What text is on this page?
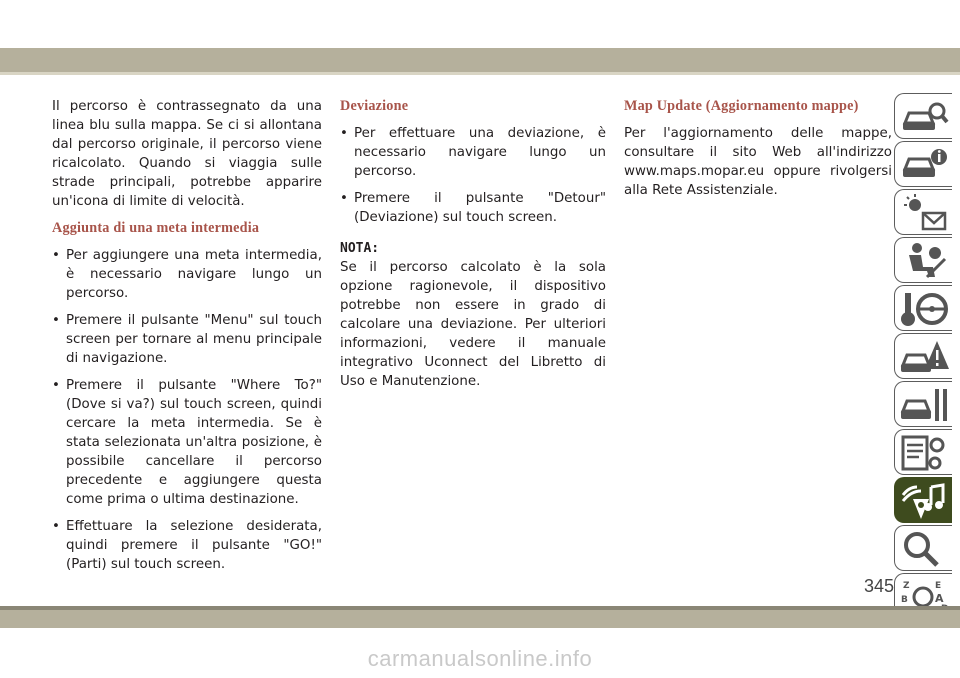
Il percorso è contrassegnato da una linea blu sulla mappa. Se ci si allontana dal percorso originale, il percorso viene ricalcolato. Quando si viaggia sulle strade principali, potrebbe apparire un'icona di limite di velocità.

Aggiunta di una meta intermedia
• Per aggiungere una meta intermedia, è necessario navigare lungo un percorso.
• Premere il pulsante "Menu" sul touch screen per tornare al menu principale di navigazione.
• Premere il pulsante "Where To?" (Dove si va?) sul touch screen, quindi cercare la meta intermedia. Se è stata selezionata un'altra posizione, è possibile cancellare il percorso precedente e aggiungere questa come prima o ultima destinazione.
• Effettuare la selezione desiderata, quindi premere il pulsante "GO!" (Parti) sul touch screen.
Deviazione
• Per effettuare una deviazione, è necessario navigare lungo un percorso.
• Premere il pulsante "Detour" (Deviazione) sul touch screen.

NOTA:

Se il percorso calcolato è la sola opzione ragionevole, il dispositivo potrebbe non essere in grado di calcolare una deviazione. Per ulteriori informazioni, vedere il manuale integrativo Uconnect del Libretto di Uso e Manutenzione.

Map Update (Aggiornamento mappe)

Per l'aggiornamento delle mappe, consultare il sito Web all'indirizzo www.maps.mopar.eu oppure rivolgersi alla Rete Assistenziale.

Z	E
B A
345
carmanualsonline.info
